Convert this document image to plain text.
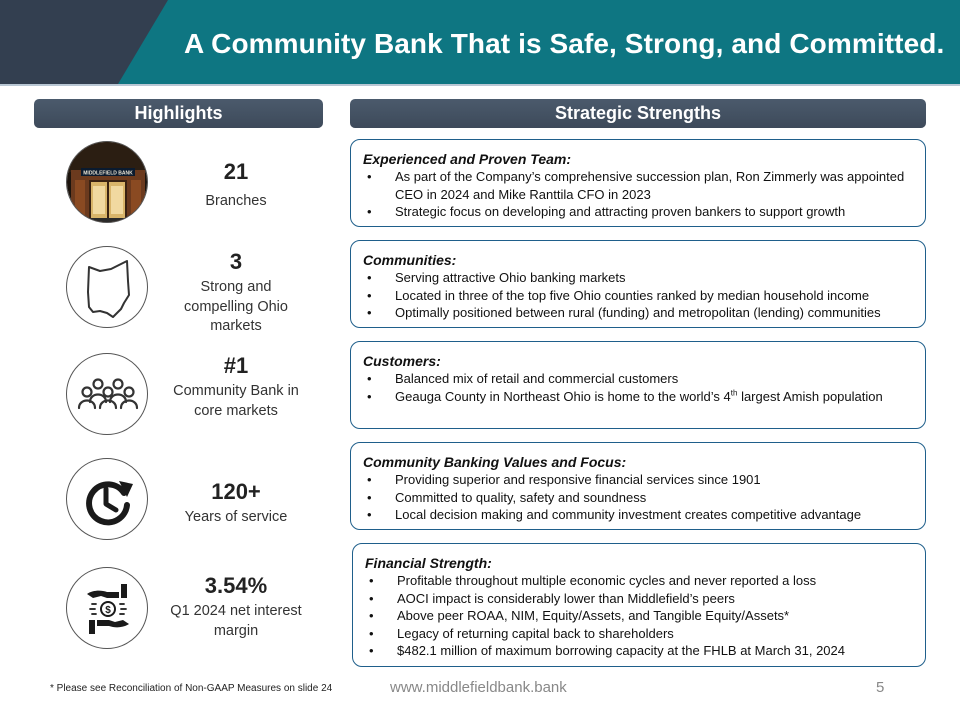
A Community Bank That is Safe, Strong, and Committed.
Highlights	Strategic Strengths
MIDDLEFIELD BANK	21
Branches
3
Strong and compelling Ohio markets
#1
Community Bank in core markets
120+
Years of service
$
3.54%
Q1 2024 net interest margin
Experienced and Proven Team:
• As part of the Company’s comprehensive succession plan, Ron Zimmerly was appointed CEO in 2024 and Mike Ranttila CFO in 2023
• Strategic focus on developing and attracting proven bankers to support growth
Communities:
• Serving attractive Ohio banking markets
• Located in three of the top five Ohio counties ranked by median household income
• Optimally positioned between rural (funding) and metropolitan (lending) communities
Customers:
• Balanced mix of retail and commercial customers
• Geauga County in Northeast Ohio is home to the world’s 4th largest Amish population
Community Banking Values and Focus:
• Providing superior and responsive financial services since 1901
• Committed to quality, safety and soundness
• Local decision making and community investment creates competitive advantage
Financial Strength:
• Profitable throughout multiple economic cycles and never reported a loss
• AOCI impact is considerably lower than Middlefield’s peers
• Above peer ROAA, NIM, Equity/Assets, and Tangible Equity/Assets*
• Legacy of returning capital back to shareholders
• $482.1 million of maximum borrowing capacity at the FHLB at March 31, 2024
* Please see Reconciliation of Non-GAAP Measures on slide 24	www.middlefieldbank.bank	5
